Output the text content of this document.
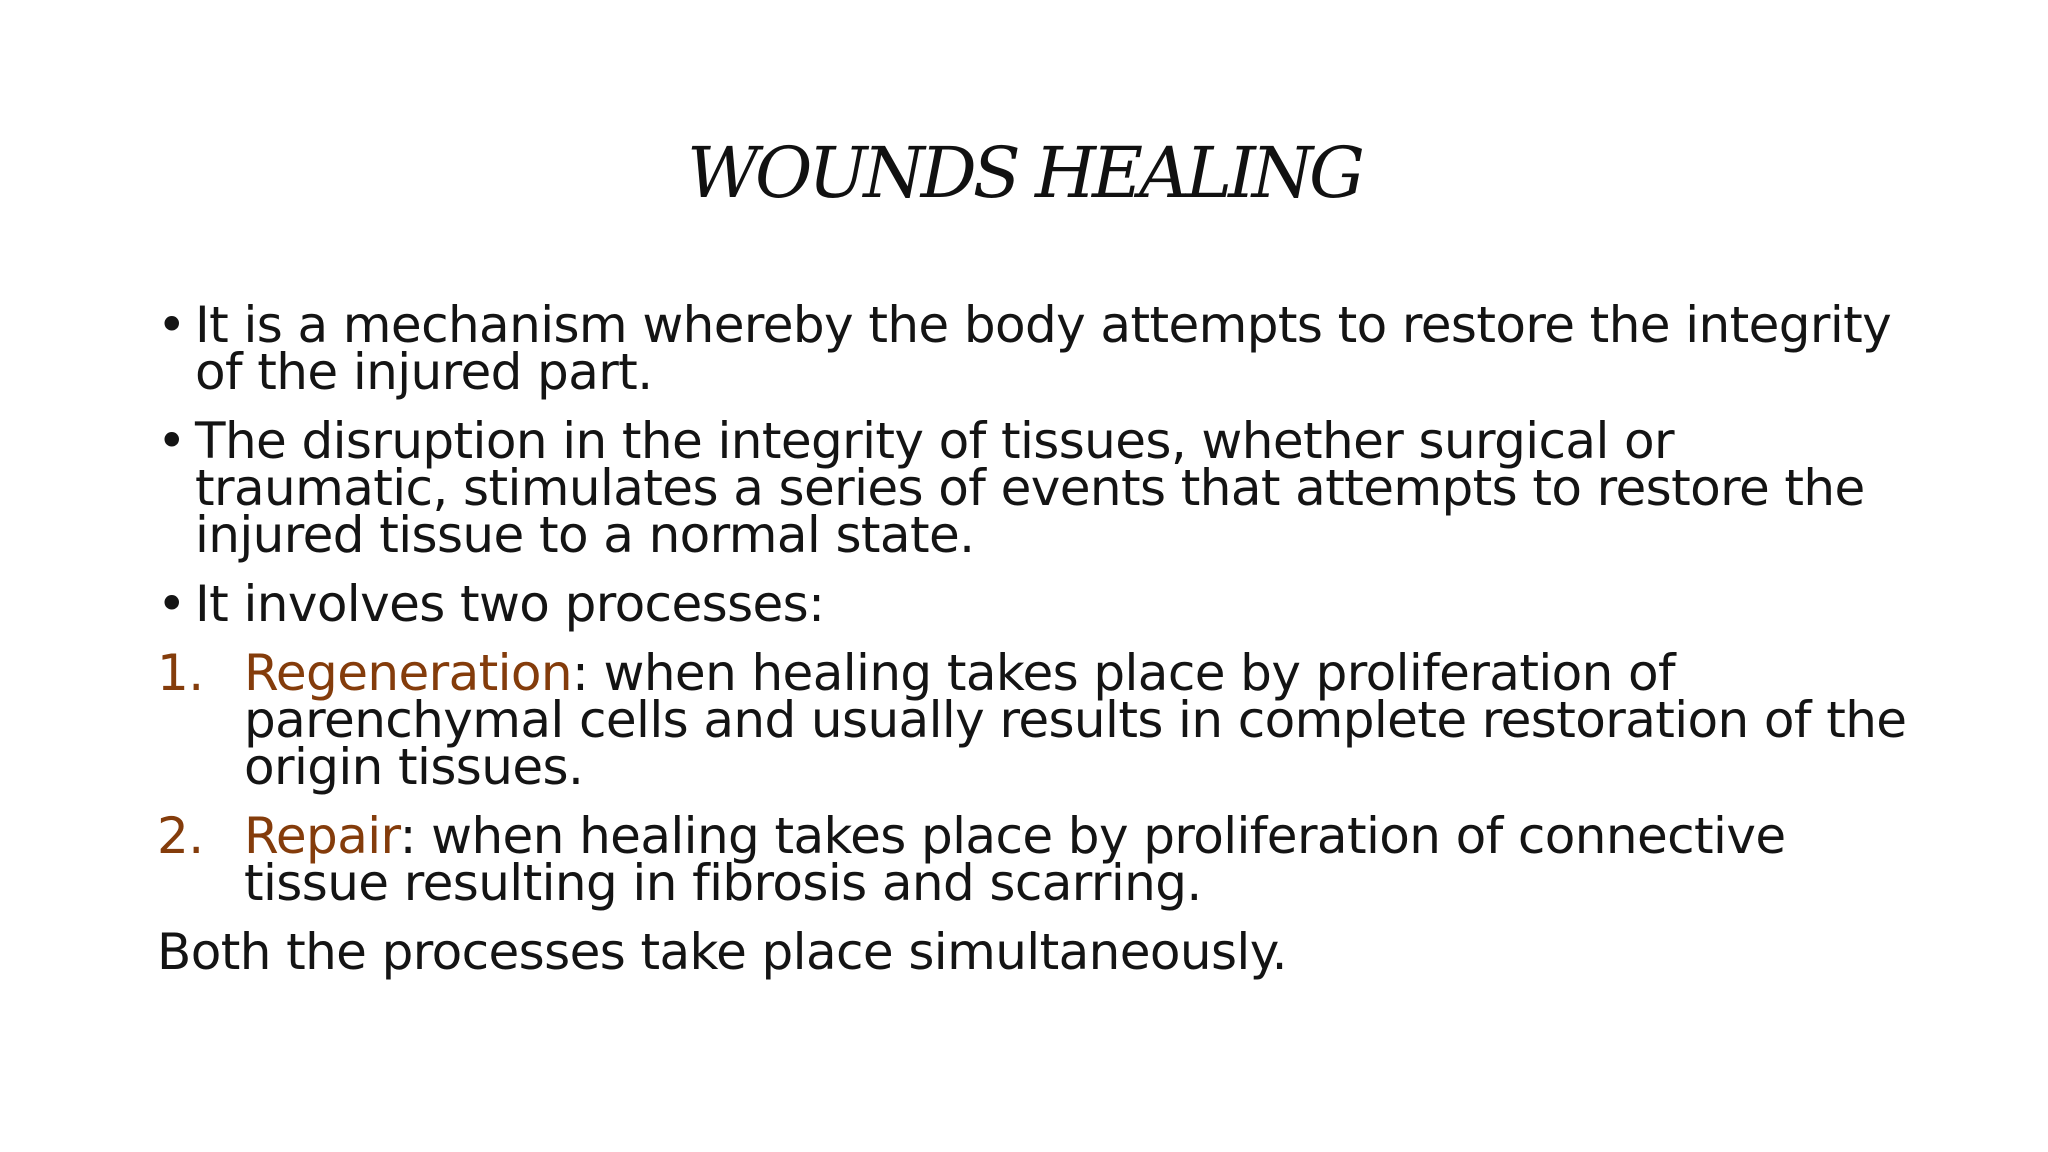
WOUNDS HEALING
• It is a mechanism whereby the body attempts to restore the integrity of the injured part.

• The disruption in the integrity of tissues, whether surgical or traumatic, stimulates a series of events that attempts to restore the injured tissue to a normal state.

• It involves two processes:

1. Regeneration: when healing takes place by proliferation of parenchymal cells and usually results in complete restoration of the origin tissues.

2. Repair: when healing takes place by proliferation of connective tissue resulting in fibrosis and scarring.

Both the processes take place simultaneously.
